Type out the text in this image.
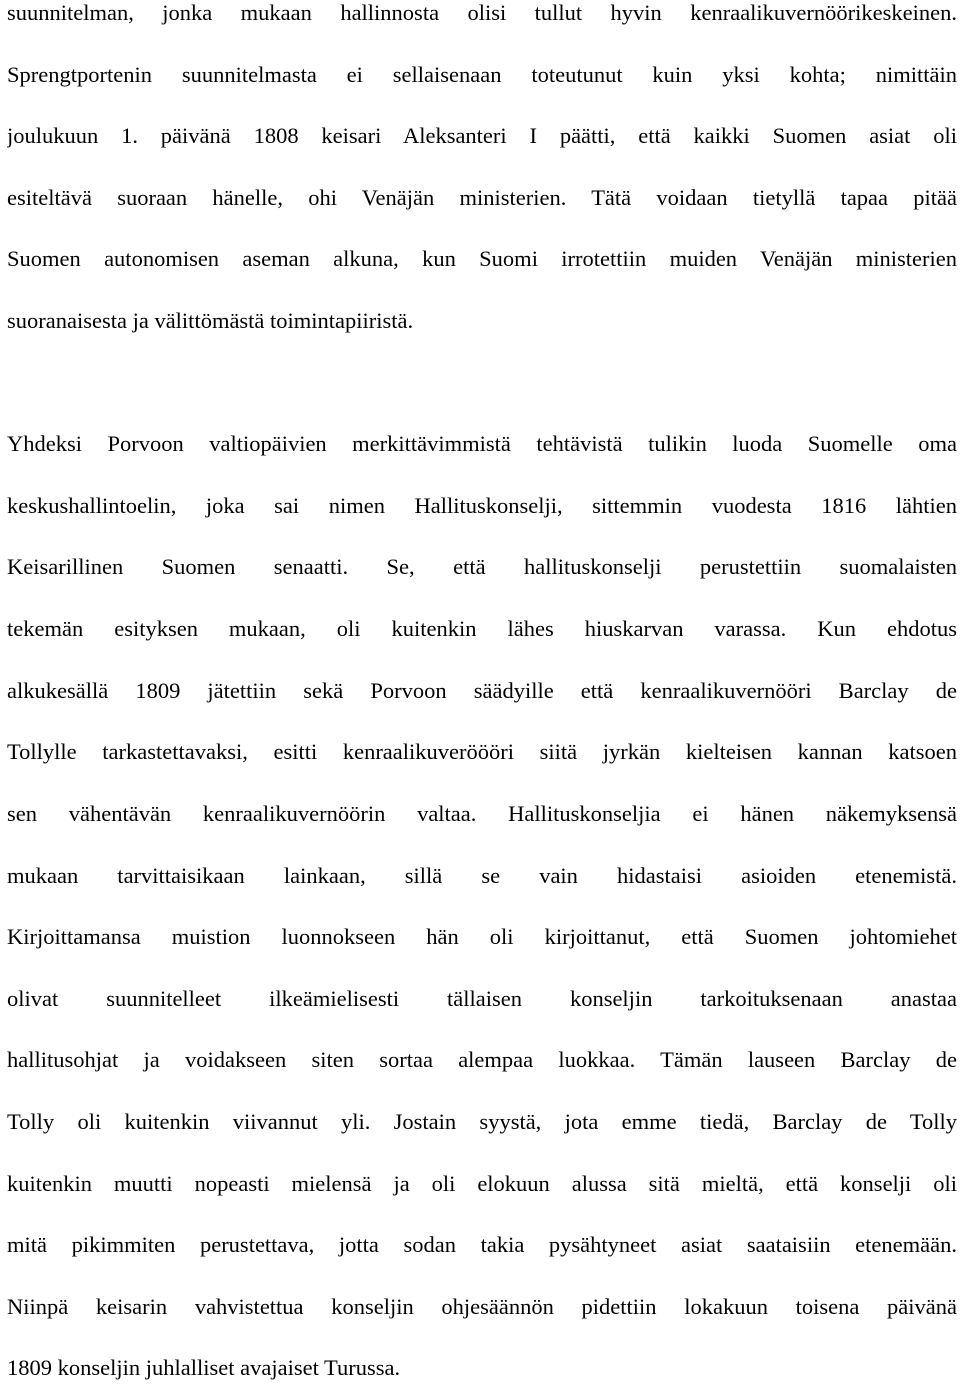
suunnitelman, jonka mukaan hallinnosta olisi tullut hyvin kenraalikuvernöörikeskeinen.
Sprengtportenin suunnitelmasta ei sellaisenaan toteutunut kuin yksi kohta; nimittäin
joulukuun 1. päivänä 1808 keisari Aleksanteri I päätti, että kaikki Suomen asiat oli
esiteltävä suoraan hänelle, ohi Venäjän ministerien. Tätä voidaan tietyllä tapaa pitää
Suomen autonomisen aseman alkuna, kun Suomi irrotettiin muiden Venäjän ministerien
suoranaisesta ja välittömästä toimintapiiristä.
Yhdeksi Porvoon valtiopäivien merkittävimmistä tehtävistä tulikin luoda Suomelle oma
keskushallintoelin, joka sai nimen Hallituskonselji, sittemmin vuodesta 1816 lähtien
Keisarillinen Suomen senaatti. Se, että hallituskonselji perustettiin suomalaisten
tekemän esityksen mukaan, oli kuitenkin lähes hiuskarvan varassa. Kun ehdotus
alkukesällä 1809 jätettiin sekä Porvoon säädyille että kenraalikuvernööri Barclay de
Tollylle tarkastettavaksi, esitti kenraalikuveröööri siitä jyrkän kielteisen kannan katsoen
sen vähentävän kenraalikuvernöörin valtaa. Hallituskonseljia ei hänen näkemyksensä
mukaan tarvittaisikaan lainkaan, sillä se vain hidastaisi asioiden etenemistä.
Kirjoittamansa muistion luonnokseen hän oli kirjoittanut, että Suomen johtomiehet
olivat suunnitelleet ilkeämielisesti tällaisen konseljin tarkoituksenaan anastaa
hallitusohjat ja voidakseen siten sortaa alempaa luokkaa. Tämän lauseen Barclay de
Tolly oli kuitenkin viivannut yli. Jostain syystä, jota emme tiedä, Barclay de Tolly
kuitenkin muutti nopeasti mielensä ja oli elokuun alussa sitä mieltä, että konselji oli
mitä pikimmiten perustettava, jotta sodan takia pysähtyneet asiat saataisiin etenemään.
Niinpä keisarin vahvistettua konseljin ohjesäännön pidettiin lokakuun toisena päivänä
1809 konseljin juhlalliset avajaiset Turussa.
